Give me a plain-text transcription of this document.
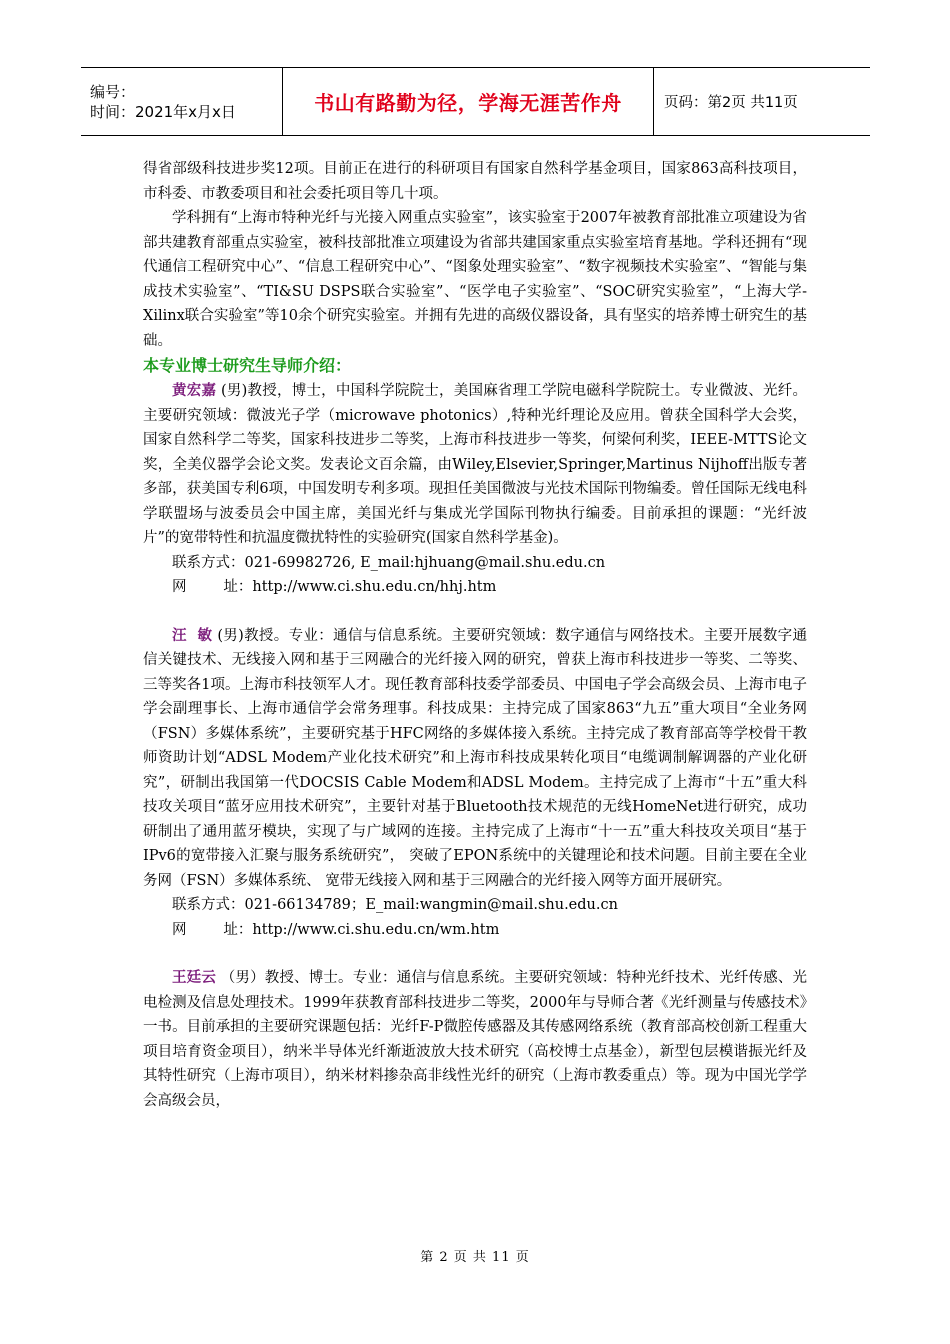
编号：
时间：2021年x月x日	书山有路勤为径，学海无涯苦作舟	页码：第2页 共11页

得省部级科技进步奖12项。目前正在进行的科研项目有国家自然科学基金项目，国家863高科技项目，市科委、市教委项目和社会委托项目等几十项。

学科拥有“上海市特种光纤与光接入网重点实验室”，该实验室于2007年被教育部批准立项建设为省部共建教育部重点实验室，被科技部批准立项建设为省部共建国家重点实验室培育基地。学科还拥有“现代通信工程研究中心”、“信息工程研究中心”、“图象处理实验室”、“数字视频技术实验室”、“智能与集成技术实验室”、“TI&SU DSPS联合实验室”、“医学电子实验室”、“SOC研究实验室”，“上海大学-Xilinx联合实验室”等10余个研究实验室。并拥有先进的高级仪器设备，具有坚实的培养博士研究生的基础。

本专业博士研究生导师介绍：

黄宏嘉 (男)教授，博士，中国科学院院士，美国麻省理工学院电磁科学院院士。专业微波、光纤。主要研究领域：微波光子学（microwave photonics）,特种光纤理论及应用。曾获全国科学大会奖，国家自然科学二等奖，国家科技进步二等奖，上海市科技进步一等奖，何梁何利奖，IEEE-MTTS论文奖，全美仪器学会论文奖。发表论文百余篇，由Wiley,Elsevier,Springer,Martinus Nijhoff出版专著多部，获美国专利6项，中国发明专利多项。现担任美国微波与光技术国际刊物编委。曾任国际无线电科学联盟场与波委员会中国主席，美国光纤与集成光学国际刊物执行编委。目前承担的课题：“光纤波片”的宽带特性和抗温度微扰特性的实验研究(国家自然科学基金)。

联系方式：021-69982726, E_mail:hjhuang@mail.shu.edu.cn

网        址：http://www.ci.shu.edu.cn/hhj.htm

汪  敏 (男)教授。专业：通信与信息系统。主要研究领域：数字通信与网络技术。主要开展数字通信关键技术、无线接入网和基于三网融合的光纤接入网的研究，曾获上海市科技进步一等奖、二等奖、三等奖各1项。上海市科技领军人才。现任教育部科技委学部委员、中国电子学会高级会员、上海市电子学会副理事长、上海市通信学会常务理事。科技成果：主持完成了国家863“九五”重大项目“全业务网（FSN）多媒体系统”，主要研究基于HFC网络的多媒体接入系统。主持完成了教育部高等学校骨干教师资助计划“ADSL Modem产业化技术研究”和上海市科技成果转化项目“电缆调制解调器的产业化研究”，研制出我国第一代DOCSIS Cable Modem和ADSL Modem。主持完成了上海市“十五”重大科技攻关项目“蓝牙应用技术研究”，主要针对基于Bluetooth技术规范的无线HomeNet进行研究，成功研制出了通用蓝牙模块，实现了与广域网的连接。主持完成了上海市“十一五”重大科技攻关项目“基于IPv6的宽带接入汇聚与服务系统研究”， 突破了EPON系统中的关键理论和技术问题。目前主要在全业务网（FSN）多媒体系统、 宽带无线接入网和基于三网融合的光纤接入网等方面开展研究。

联系方式：021-66134789；E_mail:wangmin@mail.shu.edu.cn

网        址：http://www.ci.shu.edu.cn/wm.htm

王廷云 （男）教授、博士。专业：通信与信息系统。主要研究领域：特种光纤技术、光纤传感、光电检测及信息处理技术。1999年获教育部科技进步二等奖，2000年与导师合著《光纤测量与传感技术》一书。目前承担的主要研究课题包括：光纤F-P微腔传感器及其传感网络系统（教育部高校创新工程重大项目培育资金项目），纳米半导体光纤渐逝波放大技术研究（高校博士点基金），新型包层模谐振光纤及其特性研究（上海市项目），纳米材料掺杂高非线性光纤的研究（上海市教委重点）等。现为中国光学学会高级会员，

第 2 页 共 11 页
